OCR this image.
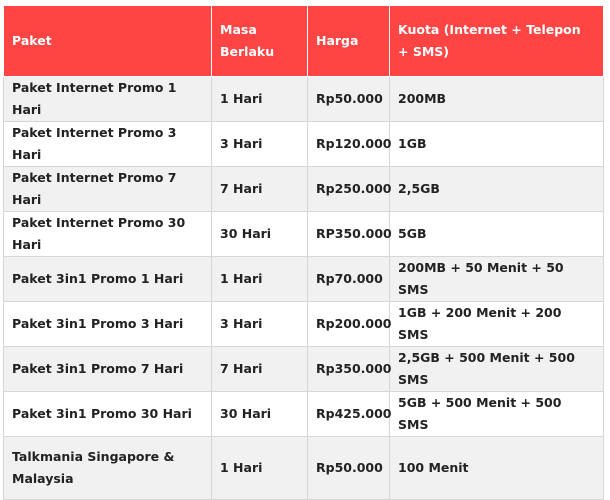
Paket	Masa Berlaku	Harga	Kuota (Internet + Telepon + SMS)
Paket Internet Promo 1 Hari	1 Hari	Rp50.000	200MB
Paket Internet Promo 3 Hari	3 Hari	Rp120.000	1GB
Paket Internet Promo 7 Hari	7 Hari	Rp250.000	2,5GB
Paket Internet Promo 30 Hari	30 Hari	RP350.000	5GB
Paket 3in1 Promo 1 Hari	1 Hari	Rp70.000	200MB + 50 Menit + 50 SMS
Paket 3in1 Promo 3 Hari	3 Hari	Rp200.000	1GB + 200 Menit + 200 SMS
Paket 3in1 Promo 7 Hari	7 Hari	Rp350.000	2,5GB + 500 Menit + 500 SMS
Paket 3in1 Promo 30 Hari	30 Hari	Rp425.000	5GB + 500 Menit + 500 SMS
Talkmania Singapore & Malaysia	1 Hari	Rp50.000	100 Menit
